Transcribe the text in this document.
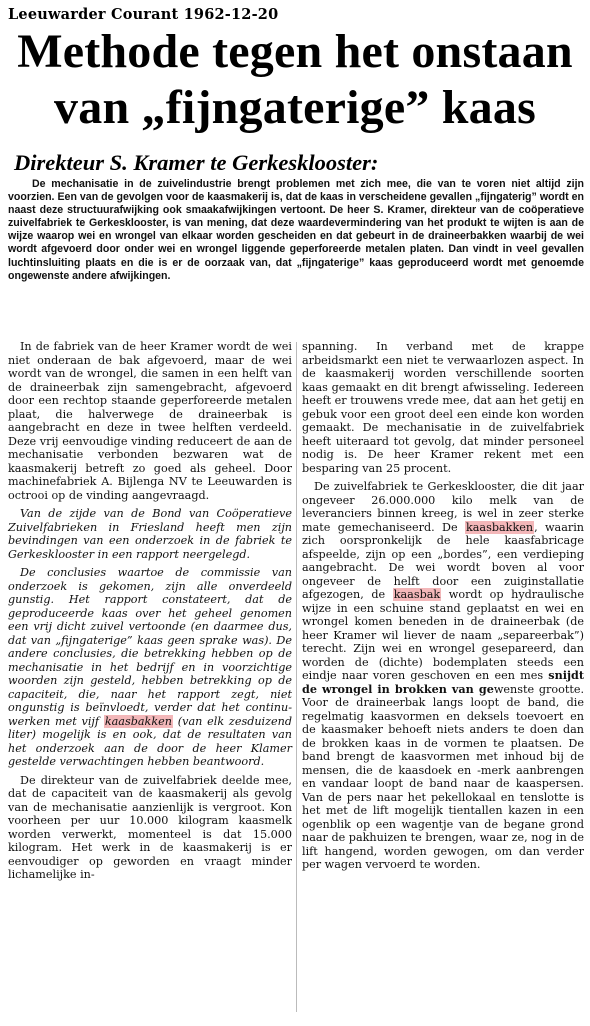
Leeuwarder Courant 1962-12-20
Methode tegen het onstaan
van „fijngaterige” kaas
Direkteur S. Kramer te Gerkesklooster:

De mechanisatie in de zuivelindustrie brengt problemen met zich mee, die van te voren niet altijd zijn voorzien. Een van de gevolgen voor de kaasmakerij is, dat de kaas in verscheidene gevallen „fijngaterig” wordt en naast deze structuurafwijking ook smaakafwijkingen vertoont. De heer S. Kramer, direkteur van de coöperatieve zuivelfabriek te Gerkesklooster, is van mening, dat deze waardevermindering van het produkt te wijten is aan de wijze waarop wei en wrongel van elkaar worden gescheiden en dat gebeurt in de draineerbakken waarbij de wei wordt afgevoerd door onder wei en wrongel liggende geperforeerde metalen platen. Dan vindt in veel gevallen luchtinsluiting plaats en die is er de oorzaak van, dat „fijngaterige” kaas geproduceerd wordt met genoemde ongewenste andere afwijkingen.

In de fabriek van de heer Kramer wordt de wei niet onderaan de bak afgevoerd, maar de wei wordt van de wrongel, die samen in een helft van de draineerbak zijn samengebracht, afgevoerd door een rechtop staande geperforeerde metalen plaat, die halverwege de draineerbak is aangebracht en deze in twee helften verdeeld. Deze vrij eenvoudige vinding reduceert de aan de mechanisatie verbonden bezwaren wat de kaasmakerij betreft zo goed als geheel. Door machinefabriek A. Bijlenga NV te Leeuwarden is octrooi op de vinding aangevraagd.

Van de zijde van de Bond van Coöperatieve Zuivelfabrieken in Friesland heeft men zijn bevindingen van een onderzoek in de fabriek te Gerkesklooster in een rapport neergelegd.

De conclusies waartoe de commissie van onderzoek is gekomen, zijn alle onverdeeld gunstig. Het rapport constateert, dat de geproduceerde kaas over het geheel genomen een vrij dicht zuivel vertoonde (en daarmee dus, dat van „fijngaterige” kaas geen sprake was). De andere conclusies, die betrekking hebben op de mechanisatie in het bedrijf en in voorzichtige woorden zijn gesteld, hebben betrekking op de capaciteit, die, naar het rapport zegt, niet ongunstig is beïnvloedt, verder dat het continu-werken met vijf kaasbakken (van elk zesduizend liter) mogelijk is en ook, dat de resultaten van het onderzoek aan de door de heer Klamer gestelde verwachtingen hebben beantwoord.

De direkteur van de zuivelfabriek deelde mee, dat de capaciteit van de kaasmakerij als gevolg van de mechanisatie aanzienlijk is vergroot. Kon voorheen per uur 10.000 kilogram kaasmelk worden verwerkt, momenteel is dat 15.000 kilogram. Het werk in de kaasmakerij is er eenvoudiger op geworden en vraagt minder lichamelijke in-

spanning. In verband met de krappe arbeidsmarkt een niet te verwaarlozen aspect. In de kaasmakerij worden verschillende soorten kaas gemaakt en dit brengt afwisseling. Iedereen heeft er trouwens vrede mee, dat aan het getij en gebuk voor een groot deel een einde kon worden gemaakt. De mechanisatie in de zuivelfabriek heeft uiteraard tot gevolg, dat minder personeel nodig is. De heer Kramer rekent met een besparing van 25 procent.

De zuivelfabriek te Gerkesklooster, die dit jaar ongeveer 26.000.000 kilo melk van de leveranciers binnen kreeg, is wel in zeer sterke mate gemechaniseerd. De kaasbakken, waarin zich oorspronkelijk de hele kaasfabricage afspeelde, zijn op een „bordes”, een verdieping aangebracht. De wei wordt boven al voor ongeveer de helft door een zuiginstallatie afgezogen, de kaasbak wordt op hydraulische wijze in een schuine stand geplaatst en wei en wrongel komen beneden in de draineerbak (de heer Kramer wil liever de naam „separeerbak”) terecht. Zijn wei en wrongel gesepareerd, dan worden de (dichte) bodemplaten steeds een eindje naar voren geschoven en een mes snijdt de wrongel in brokken van gewenste grootte. Voor de draineerbak langs loopt de band, die regelmatig kaasvormen en deksels toevoert en de kaasmaker behoeft niets anders te doen dan de brokken kaas in de vormen te plaatsen. De band brengt de kaasvormen met inhoud bij de mensen, die de kaasdoek en -merk aanbrengen en vandaar loopt de band naar de kaaspersen. Van de pers naar het pekellokaal en tenslotte is het met de lift mogelijk tientallen kazen in een ogenblik op een wagentje van de begane grond naar de pakhuizen te brengen, waar ze, nog in de lift hangend, worden gewogen, om dan verder per wagen vervoerd te worden.
